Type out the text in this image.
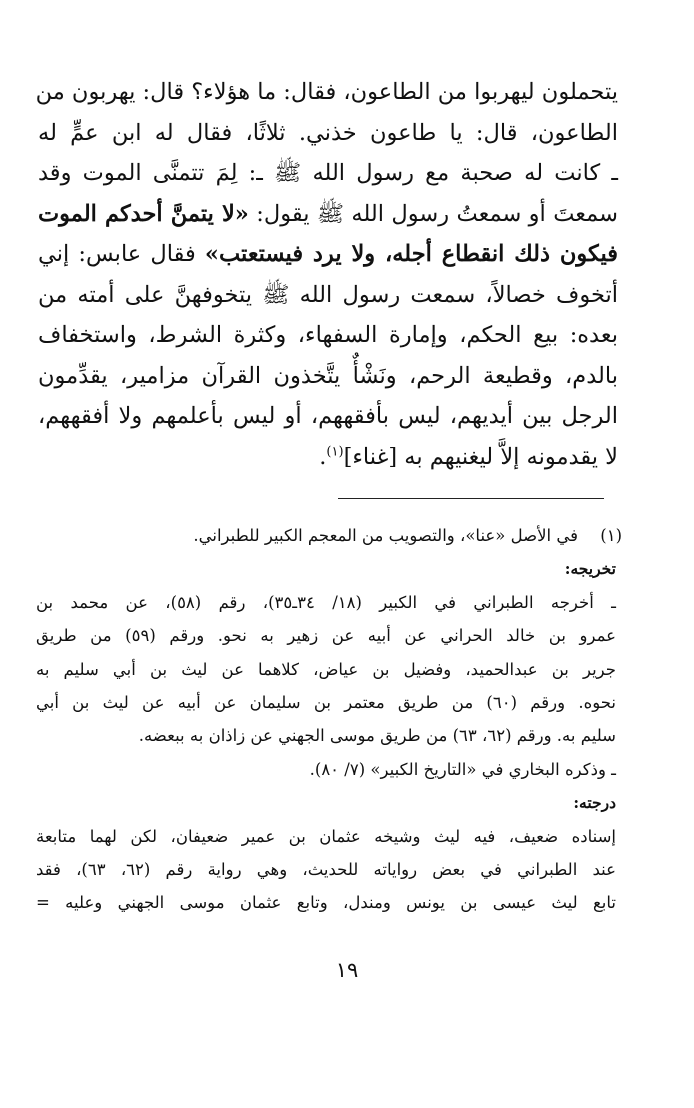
يتحملون ليهربوا من الطاعون، فقال: ما هؤلاء؟ قال: يهربون من
الطاعون، قال: يا طاعون خذني. ثلاثًا، فقال له ابن عمٍّ له
ـ كانت له صحبة مع رسول الله ﷺ ـ: لِمَ تتمنَّى الموت وقد
سمعتَ أو سمعتُ رسول الله ﷺ يقول: «لا يتمنَّ أحدكم الموت
فيكون ذلك انقطاع أجله، ولا يرد فيستعتب» فقال عابس: إني
أتخوف خصالاً، سمعت رسول الله ﷺ يتخوفهنَّ على أمته من
بعده: بيع الحكم، وإمارة السفهاء، وكثرة الشرط، واستخفاف
بالدم، وقطيعة الرحم، ونَشْأٌ يتَّخذون القرآن مزامير، يقدِّمون
الرجل بين أيديهم، ليس بأفقههم، أو ليس بأعلمهم ولا أفقههم،
لا يقدمونه إلاَّ ليغنيهم به [غناء]$^{(١)}$.
(١)
في الأصل «عنا»، والتصويب من المعجم الكبير للطبراني.
تخريجه:
ـ أخرجه الطبراني في الكبير (١٨/ ٣٤ـ٣٥)، رقم (٥٨)، عن محمد بن
عمرو بن خالد الحراني عن أبيه عن زهير به نحو. ورقم (٥٩) من طريق
جرير بن عبدالحميد، وفضيل بن عياض، كلاهما عن ليث بن أبي سليم به
نحوه. ورقم (٦٠) من طريق معتمر بن سليمان عن أبيه عن ليث بن أبي
سليم به. ورقم (٦٢، ٦٣) من طريق موسى الجهني عن زاذان به ببعضه.
ـ وذكره البخاري في «التاريخ الكبير» (٧/ ٨٠).
درجته:
إسناده ضعيف، فيه ليث وشيخه عثمان بن عمير ضعيفان، لكن لهما متابعة
عند الطبراني في بعض رواياته للحديث، وهي رواية رقم (٦٢، ٦٣)، فقد
تابع ليث عيسى بن يونس ومندل، وتابع عثمان موسى الجهني وعليه =
١٩
